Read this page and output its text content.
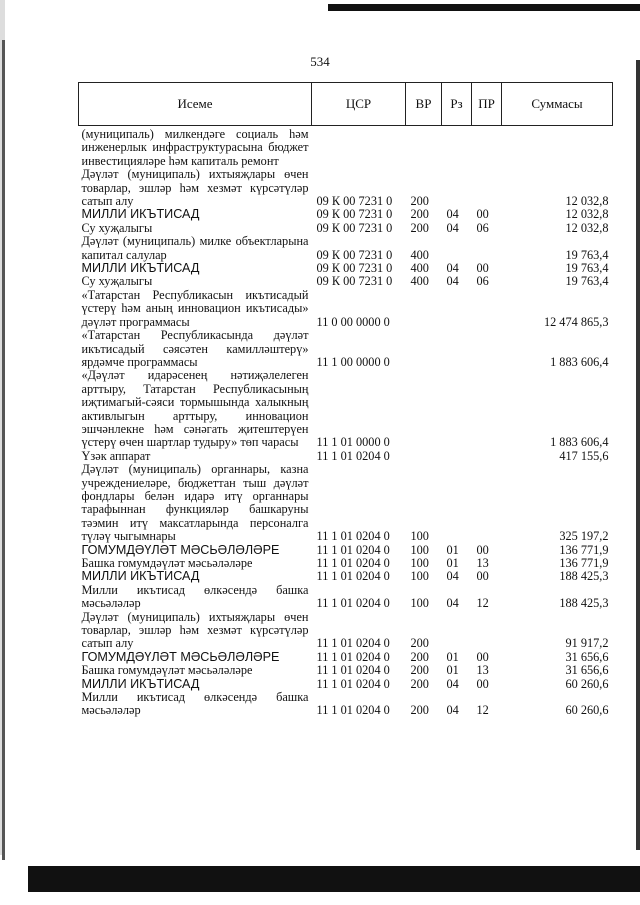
534
Исеме	ЦСР	ВР	Рз	ПР	Суммасы
(муниципаль) милкендәге социаль һәм инженерлык инфраструктурасына бюджет инвестицияләре һәм капиталь ремонт					
Дәүләт (муниципаль) ихтыяҗлары өчен товарлар, эшләр һәм хезмәт күрсәтүләр сатып алу	09 К 00 7231 0	200			12 032,8
МИЛЛИ ИКЪТИСАД	09 К 00 7231 0	200	04	00	12 032,8
Су хуҗалыгы	09 К 00 7231 0	200	04	06	12 032,8
Дәүләт (муниципаль) милке объектларына капитал салулар	09 К 00 7231 0	400			19 763,4
МИЛЛИ ИКЪТИСАД	09 К 00 7231 0	400	04	00	19 763,4
Су хуҗалыгы	09 К 00 7231 0	400	04	06	19 763,4
«Татарстан Республикасын икътисадый үстерү һәм аның инновацион икътисады» дәүләт программасы	11 0 00 0000 0				12 474 865,3
«Татарстан Республикасында дәүләт икътисадый сәясәтен камилләштерү» ярдәмче программасы	11 1 00 0000 0				1 883 606,4
«Дәүләт идарәсенең нәтиҗәлелеген арттыру, Татарстан Республикасының иҗтимагый-сәяси тормышында халыкның активлыгын арттыру, инновацион эшчәнлекне һәм сәнәгать җитештерүен үстерү өчен шартлар тудыру» төп чарасы	11 1 01 0000 0				1 883 606,4
Үзәк аппарат	11 1 01 0204 0				417 155,6
Дәүләт (муниципаль) органнары, казна учреждениеләре, бюджеттан тыш дәүләт фондлары белән идарә итү органнары тарафыннан функцияләр башкаруны тәэмин итү максатларында персоналга түләү чыгымнары	11 1 01 0204 0	100			325 197,2
ГОМУМДӘҮЛӘТ МӘСЬӘЛӘЛӘРЕ	11 1 01 0204 0	100	01	00	136 771,9
Башка гомумдәүләт мәсьәләләре	11 1 01 0204 0	100	01	13	136 771,9
МИЛЛИ ИКЪТИСАД	11 1 01 0204 0	100	04	00	188 425,3
Милли икътисад өлкәсендә башка мәсьәләләр	11 1 01 0204 0	100	04	12	188 425,3
Дәүләт (муниципаль) ихтыяҗлары өчен товарлар, эшләр һәм хезмәт күрсәтүләр сатып алу	11 1 01 0204 0	200			91 917,2
ГОМУМДӘҮЛӘТ МӘСЬӘЛӘЛӘРЕ	11 1 01 0204 0	200	01	00	31 656,6
Башка гомумдәүләт мәсьәләләре	11 1 01 0204 0	200	01	13	31 656,6
МИЛЛИ ИКЪТИСАД	11 1 01 0204 0	200	04	00	60 260,6
Милли икътисад өлкәсендә башка мәсьәләләр	11 1 01 0204 0	200	04	12	60 260,6
